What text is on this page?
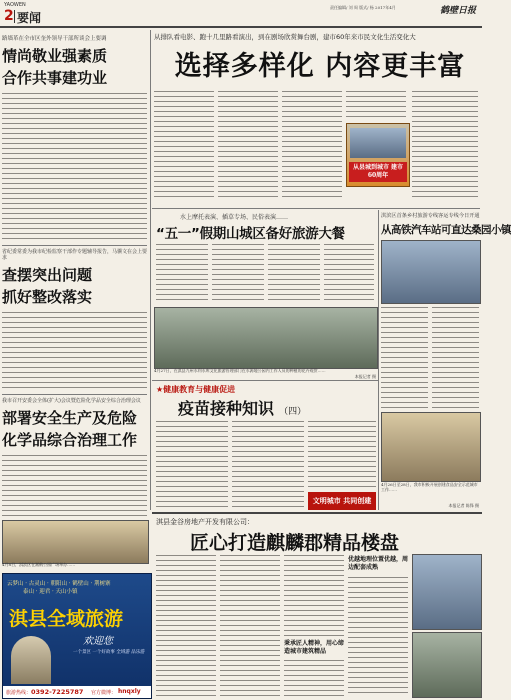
YAOWEN
2 要闻
责任编辑/ 刘 周 版式/ 杨 2017年4月	鹤壁日报
路墙革在全市区奎外领导干部所谈会上要调
情尚敬业强素质
合作共事建功业
省纪委常委为我市纪检监察干部作专题辅导报告，马骥文在会上要求
查摆突出问题
抓好整改落实
我市召开安委会全体(扩大)会议暨危险化学品安全综合治理会议
部署安全生产及危险
化学品综合治理工作
4月8日，淇滨区在湘鹤公园广场举办……
云梦山 · 古灵山 · 朝阳山 · 鹤壁山 · 荆树寨
泰山 · 迎君 · 天山小镇
淇县全域旅游
欢迎您
一个景区 一个好故事 全域游 品乐游
旅游热线： 0392-7225787 官方微博： hnqxly
从排队看电影、跑十几里路看演出，到在剧场欣赏舞台剧，建市60年来市民文化生活变化大
选择多样化 内容更丰富
从县城到城市 建市60周年
水上摩托表演、插草专场、民俗表演……
“五一”假期山城区备好旅游大餐
4月27日，在淇县九州水利水库文化旅游管理部门在水源地公园内工作人员的种植的花卉观赏……
本报记者 摄
★健康教育与健康促进
疫苗接种知识 （四）
文明城市 共同创建
淇滨区首条乡村旅游专线客运专线今日开通
从高铁汽车站可直达桑园小镇
4月26日至28日，我市积极开展创建食品安全示范城市工作……
本报记者 陈锋 摄
淇县金谷房地产开发有限公司：
匠心打造麒麟郡精品楼盘
优越地理位置优越，周边配套成熟
秉承匠人精神，用心缔造城市建筑精品
